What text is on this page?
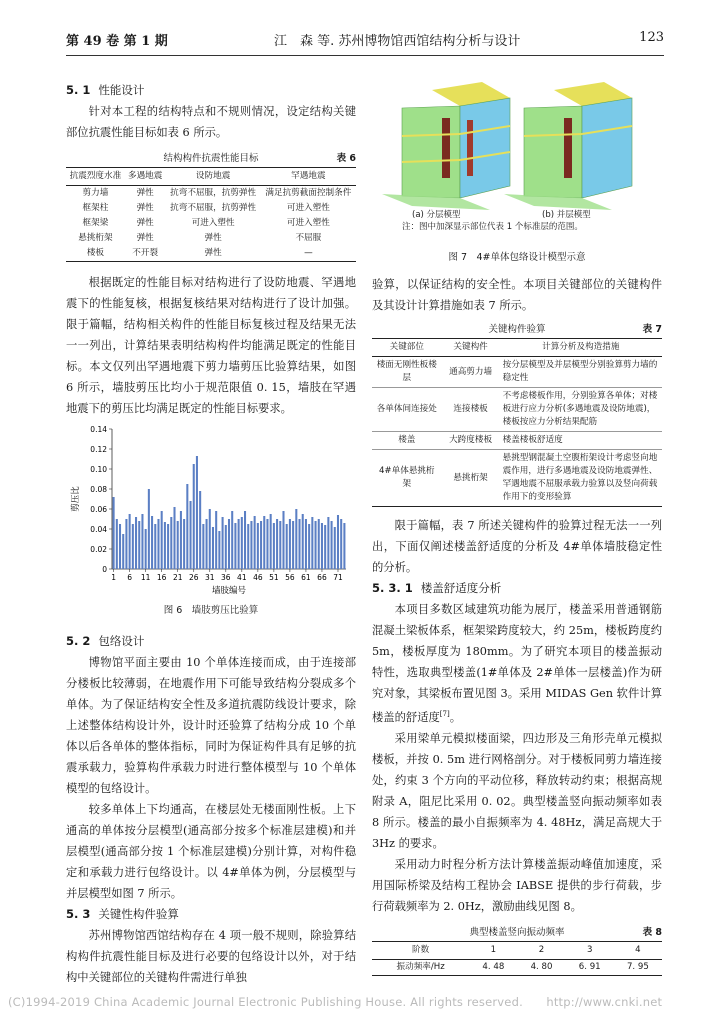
第 49 卷 第 1 期	江　森 等. 苏州博物馆西馆结构分析与设计	123
5. 1 性能设计
针对本工程的结构特点和不规则情况，设定结构关键部位抗震性能目标如表 6 所示。
结构构件抗震性能目标	表 6
抗震烈度水准	多遇地震	设防地震	罕遇地震
剪力墙	弹性	抗弯不屈服，抗剪弹性	满足抗剪截面控制条件
框架柱	弹性	抗弯不屈服，抗剪弹性	可进入塑性
框架梁	弹性	可进入塑性	可进入塑性
悬挑桁架	弹性	弹性	不屈服
楼板	不开裂	弹性	—
根据既定的性能目标对结构进行了设防地震、罕遇地震下的性能复核，根据复核结果对结构进行了设计加强。限于篇幅，结构相关构件的性能目标复核过程及结果无法一一列出，计算结果表明结构构件均能满足既定的性能目标。本文仅列出罕遇地震下剪力墙剪压比验算结果，如图 6 所示，墙肢剪压比均小于规范限值 0. 15，墙肢在罕遇地震下的剪压比均满足既定的性能目标要求。
0
0.02
0.04
0.06
0.08
0.10
0.12
0.14
1 6 11 16 21 26 31 36 41 46 51 56 61 66 71
墙肢编号
剪压比
图 6　墙肢剪压比验算
5. 2 包络设计
博物馆平面主要由 10 个单体连接而成，由于连接部分楼板比较薄弱，在地震作用下可能导致结构分裂成多个单体。为了保证结构安全性及多道抗震防线设计要求，除上述整体结构设计外，设计时还验算了结构分成 10 个单体以后各单体的整体指标，同时为保证构件具有足够的抗震承载力，验算构件承载力时进行整体模型与 10 个单体模型的包络设计。
较多单体上下均通高，在楼层处无楼面刚性板。上下通高的单体按分层模型(通高部分按多个标准层建模)和并层模型(通高部分按 1 个标准层建模)分别计算，对构件稳定和承载力进行包络设计。以 4#单体为例，分层模型与并层模型如图 7 所示。
5. 3 关键性构件验算
苏州博物馆西馆结构存在 4 项一般不规则，除验算结构构件抗震性能目标及进行必要的包络设计以外，对于结构中关键部位的关键构件需进行单独
(a) 分层模型	(b) 并层模型
注：图中加深显示部位代表 1 个标准层的范围。
图 7　4#单体包络设计模型示意
验算，以保证结构的安全性。本项目关键部位的关键构件及其设计计算措施如表 7 所示。
关键构件验算	表 7
关键部位	关键构件	计算分析及构造措施
楼面无刚性板楼层	通高剪力墙	按分层模型及并层模型分别验算剪力墙的稳定性
各单体间连接处	连接楼板	不考虑楼板作用，分别验算各单体；对楼板进行应力分析(多遇地震及设防地震)，楼板按应力分析结果配筋
楼盖	大跨度楼板	楼盖楼板舒适度
4#单体悬挑桁架	悬挑桁架	悬挑型钢混凝土空腹桁架设计考虑竖向地震作用，进行多遇地震及设防地震弹性、罕遇地震不屈服承载力验算以及竖向荷载作用下的变形验算
限于篇幅，表 7 所述关键构件的验算过程无法一一列出，下面仅阐述楼盖舒适度的分析及 4#单体墙肢稳定性的分析。
5. 3. 1 楼盖舒适度分析
本项目多数区域建筑功能为展厅，楼盖采用普通钢筋混凝土梁板体系，框架梁跨度较大，约 25m，楼板跨度约 5m，楼板厚度为 180mm。为了研究本项目的楼盖振动特性，选取典型楼盖(1#单体及 2#单体一层楼盖)作为研究对象，其梁板布置见图 3。采用 MIDAS Gen 软件计算楼盖的舒适度[7]。
采用梁单元模拟楼面梁，四边形及三角形壳单元模拟楼板，并按 0. 5m 进行网格剖分。对于楼板同剪力墙连接处，约束 3 个方向的平动位移，释放转动约束；根据高规附录 A，阻尼比采用 0. 02。典型楼盖竖向振动频率如表 8 所示。楼盖的最小自振频率为 4. 48Hz，满足高规大于 3Hz 的要求。
采用动力时程分析方法计算楼盖振动峰值加速度，采用国际桥梁及结构工程协会 IABSE 提供的步行荷载，步行荷载频率为 2. 0Hz，激励曲线见图 8。
典型楼盖竖向振动频率	表 8
阶数	1	2	3	4
振动频率/Hz	4. 48	4. 80	6. 91	7. 95
(C)1994-2019 China Academic Journal Electronic Publishing House. All rights reserved.　　http://www.cnki.net
